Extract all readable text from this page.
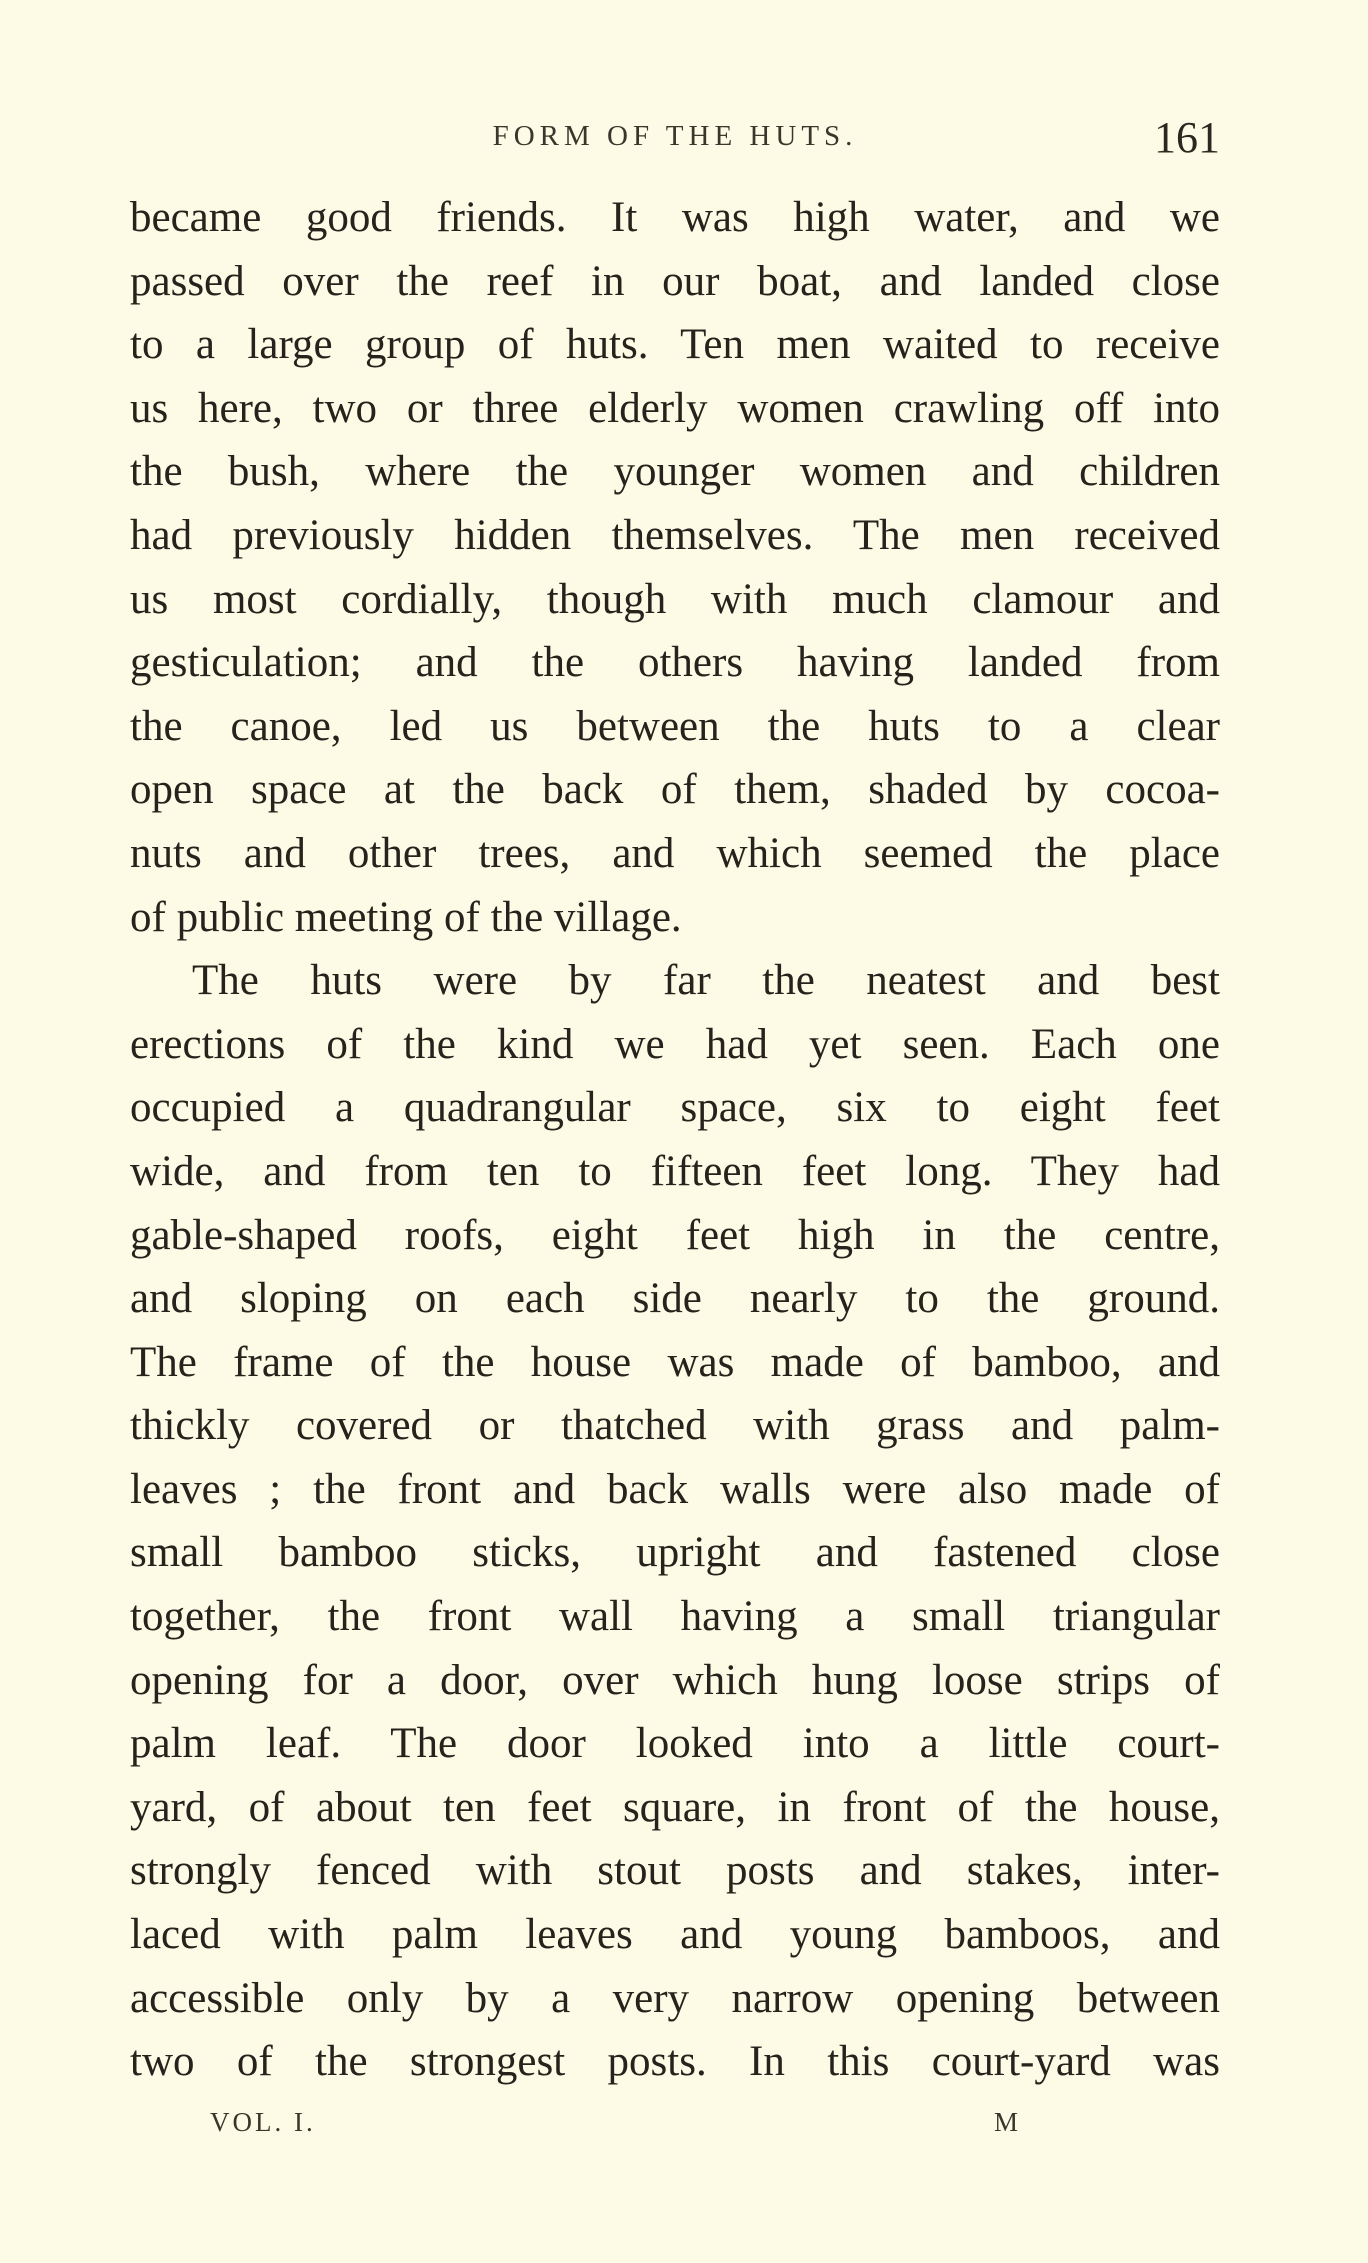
FORM OF THE HUTS.	161
became good friends. It was high water, and we
passed over the reef in our boat, and landed close
to a large group of huts. Ten men waited to receive
us here, two or three elderly women crawling off into
the bush, where the younger women and children
had previously hidden themselves. The men received
us most cordially, though with much clamour and
gesticulation; and the others having landed from
the canoe, led us between the huts to a clear
open space at the back of them, shaded by cocoa-
nuts and other trees, and which seemed the place
of public meeting of the village.
The huts were by far the neatest and best
erections of the kind we had yet seen. Each one
occupied a quadrangular space, six to eight feet
wide, and from ten to fifteen feet long. They had
gable-shaped roofs, eight feet high in the centre,
and sloping on each side nearly to the ground.
The frame of the house was made of bamboo, and
thickly covered or thatched with grass and palm-
leaves ; the front and back walls were also made of
small bamboo sticks, upright and fastened close
together, the front wall having a small triangular
opening for a door, over which hung loose strips of
palm leaf. The door looked into a little court-
yard, of about ten feet square, in front of the house,
strongly fenced with stout posts and stakes, inter-
laced with palm leaves and young bamboos, and
accessible only by a very narrow opening between
two of the strongest posts. In this court-yard was
VOL. I.	M
